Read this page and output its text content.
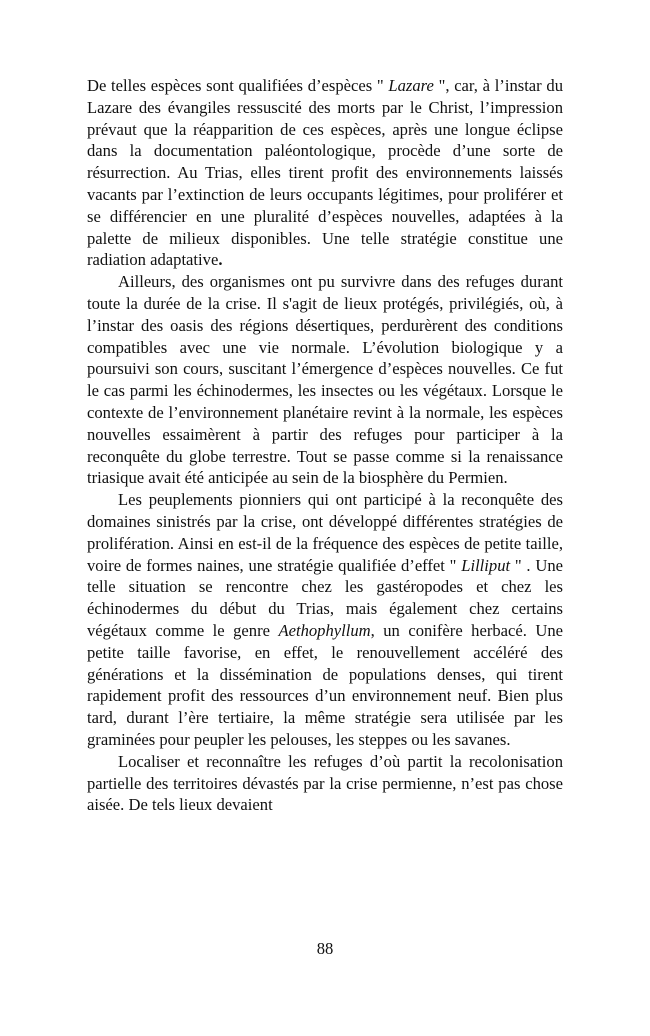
De telles espèces sont qualifiées d’espèces " Lazare ", car, à l’instar du Lazare des évangiles ressuscité des morts par le Christ, l’impression prévaut que la réapparition de ces espèces, après une longue éclipse dans la documentation paléontologique, procède d’une sorte de résurrection. Au Trias, elles tirent profit des environnements laissés vacants par l’extinction de leurs occupants légitimes, pour proliférer et se différencier en une pluralité d’espèces nouvelles, adaptées à la palette de milieux disponibles. Une telle stratégie constitue une radiation adaptative.

Ailleurs, des organismes ont pu survivre dans des refuges durant toute la durée de la crise. Il s'agit de lieux protégés, privilégiés, où, à l’instar des oasis des régions désertiques, perdurèrent des conditions compatibles avec une vie normale. L’évolution biologique y a poursuivi son cours, suscitant l’émergence d’espèces nouvelles. Ce fut le cas parmi les échinodermes, les insectes ou les végétaux. Lorsque le contexte de l’environnement planétaire revint à la normale, les espèces nouvelles essaimèrent à partir des refuges pour participer à la reconquête du globe terrestre. Tout se passe comme si la renaissance triasique avait été anticipée au sein de la biosphère du Permien.

Les peuplements pionniers qui ont participé à la reconquête des domaines sinistrés par la crise, ont développé différentes stratégies de prolifération. Ainsi en est-il de la fréquence des espèces de petite taille, voire de formes naines, une stratégie qualifiée d’effet " Lilliput " . Une telle situation se rencontre chez les gastéropodes et chez les échinodermes du début du Trias, mais également chez certains végétaux comme le genre Aethophyllum, un conifère herbacé. Une petite taille favorise, en effet, le renouvellement accéléré des générations et la dissémination de populations denses, qui tirent rapidement profit des ressources d’un environnement neuf. Bien plus tard, durant l’ère tertiaire, la même stratégie sera utilisée par les graminées pour peupler les pelouses, les steppes ou les savanes.

Localiser et reconnaître les refuges d’où partit la recolonisation partielle des territoires dévastés par la crise permienne, n’est pas chose aisée. De tels lieux devaient

88
